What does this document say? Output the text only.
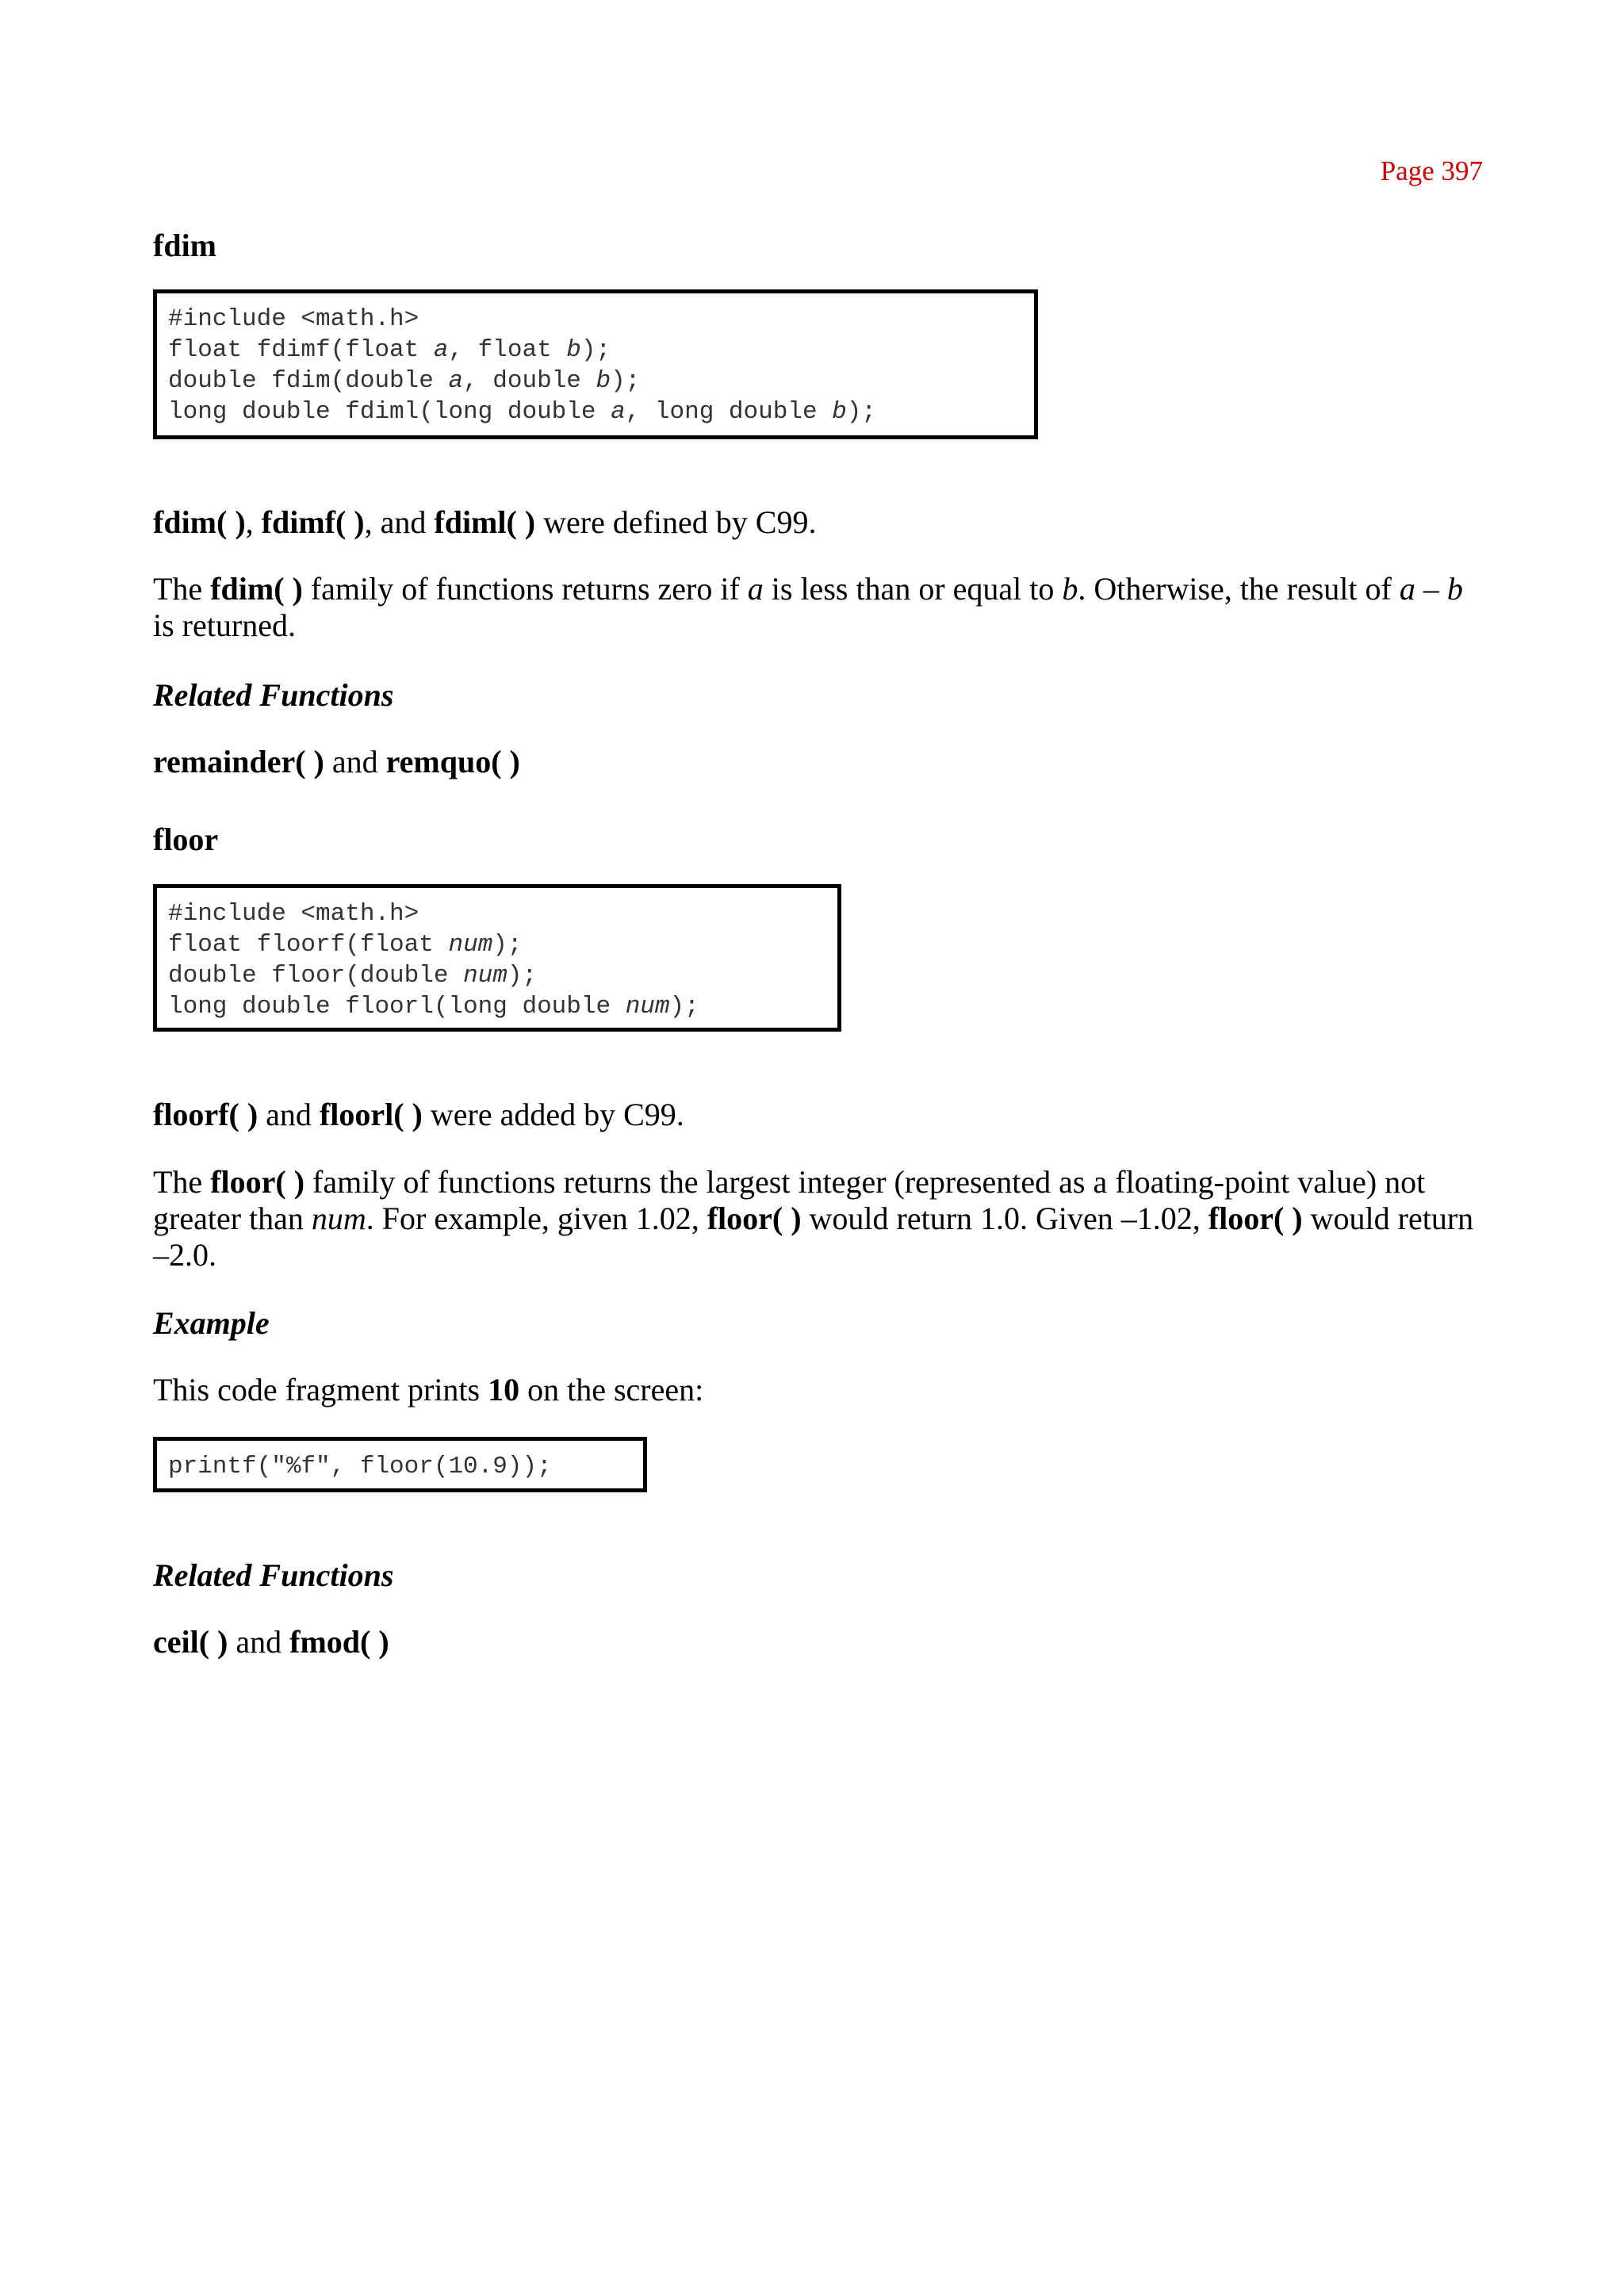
Page 397
fdim
#include <math.h>
float fdimf(float a, float b);
double fdim(double a, double b);
long double fdiml(long double a, long double b);
fdim( ), fdimf( ), and fdiml( ) were defined by C99.
The fdim( ) family of functions returns zero if a is less than or equal to b. Otherwise, the result of a – b is returned.
Related Functions
remainder( ) and remquo( )
floor
#include <math.h>
float floorf(float num);
double floor(double num);
long double floorl(long double num);
floorf( ) and floorl( ) were added by C99.
The floor( ) family of functions returns the largest integer (represented as a floating-point value) not greater than num. For example, given 1.02, floor( ) would return 1.0. Given –1.02, floor( ) would return –2.0.
Example
This code fragment prints 10 on the screen:
printf("%f", floor(10.9));
Related Functions
ceil( ) and fmod( )
